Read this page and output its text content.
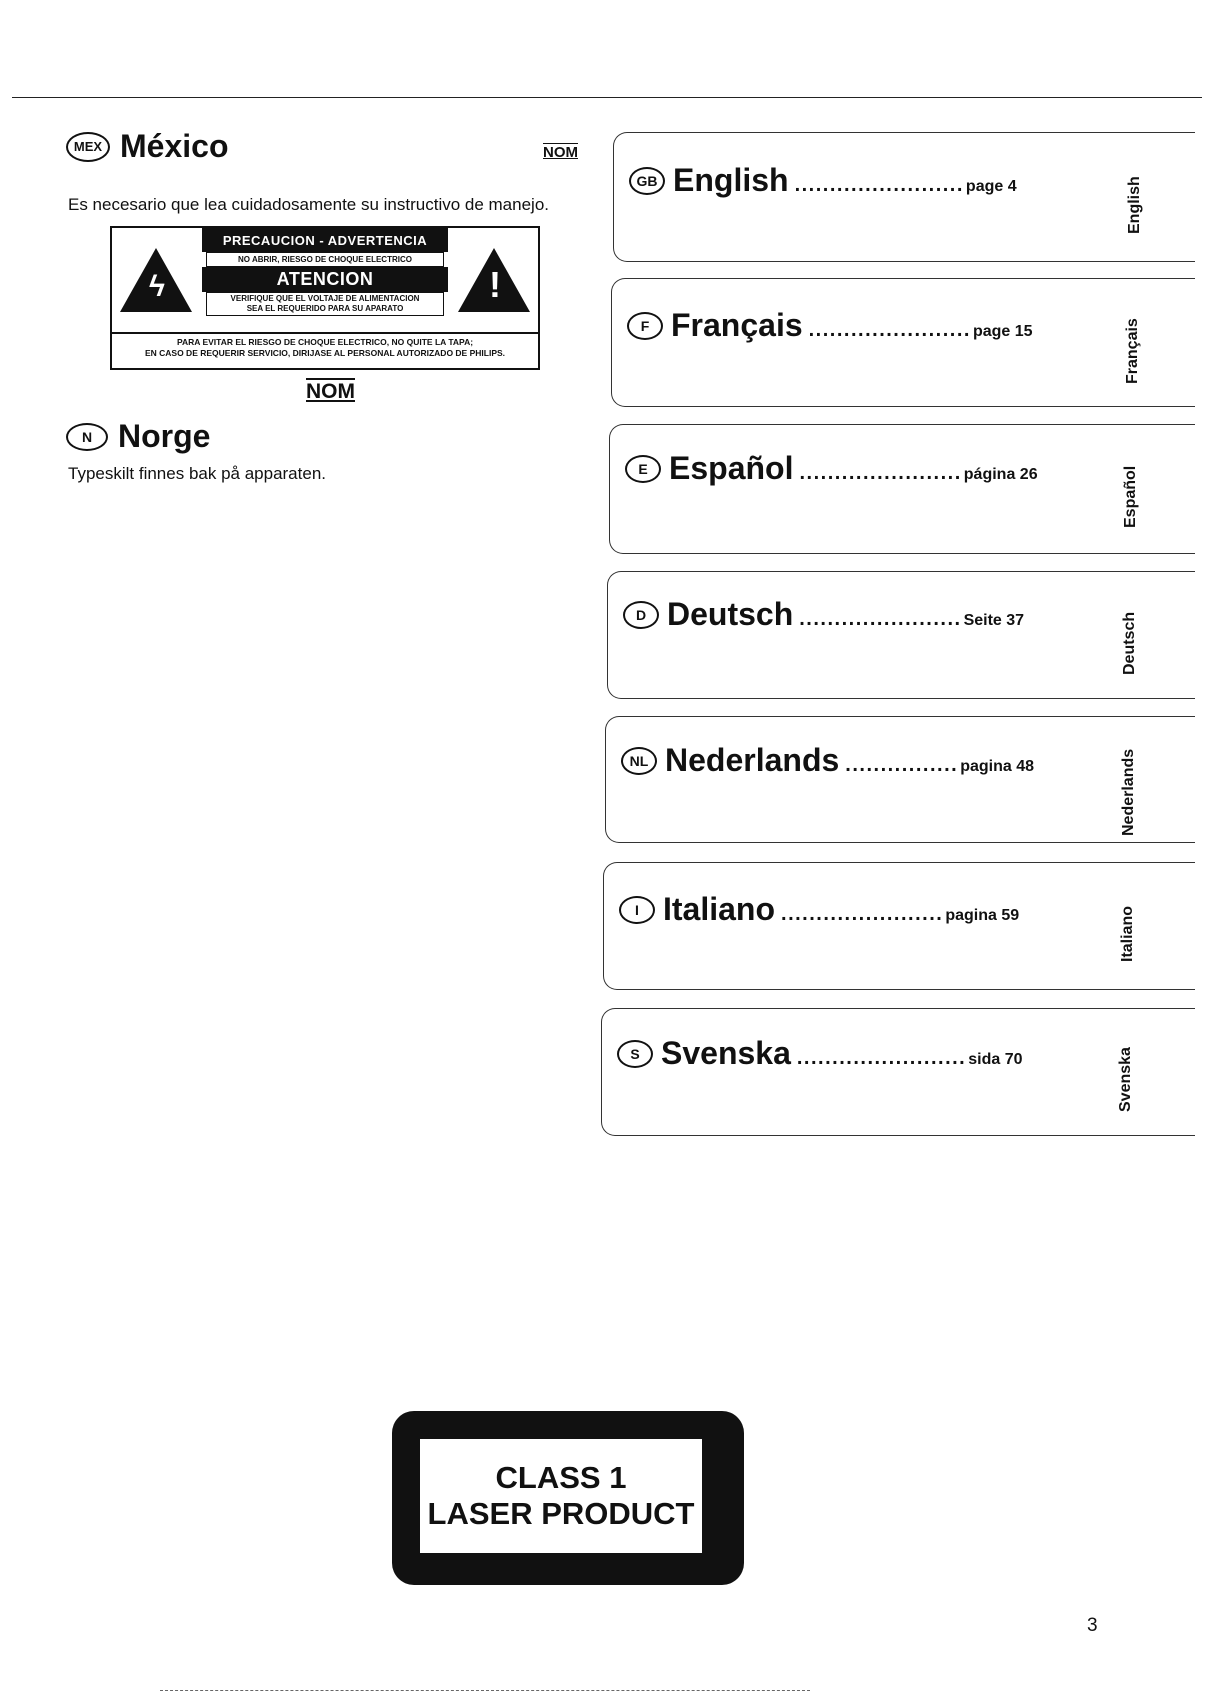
MEX México	NOM
Es necesario que lea cuidadosamente su instructivo de manejo.
ϟ	!
PRECAUCION - ADVERTENCIA
NO ABRIR, RIESGO DE CHOQUE ELECTRICO
ATENCION
VERIFIQUE QUE EL VOLTAJE DE ALIMENTACION
SEA EL REQUERIDO PARA SU APARATO
PARA EVITAR EL RIESGO DE CHOQUE ELECTRICO, NO QUITE LA TAPA;
EN CASO DE REQUERIR SERVICIO, DIRIJASE AL PERSONAL AUTORIZADO DE PHILIPS.
NOM
N Norge
Typeskilt finnes bak på apparaten.
GB English ........................ page 4	English
F Français ....................... page 15	Français
E Español ....................... página 26	Español
D Deutsch ....................... Seite 37	Deutsch
NL Nederlands ................ pagina 48	Nederlands
I Italiano ....................... pagina 59	Italiano
S Svenska ........................ sida 70	Svenska
CLASS 1
LASER PRODUCT
3
